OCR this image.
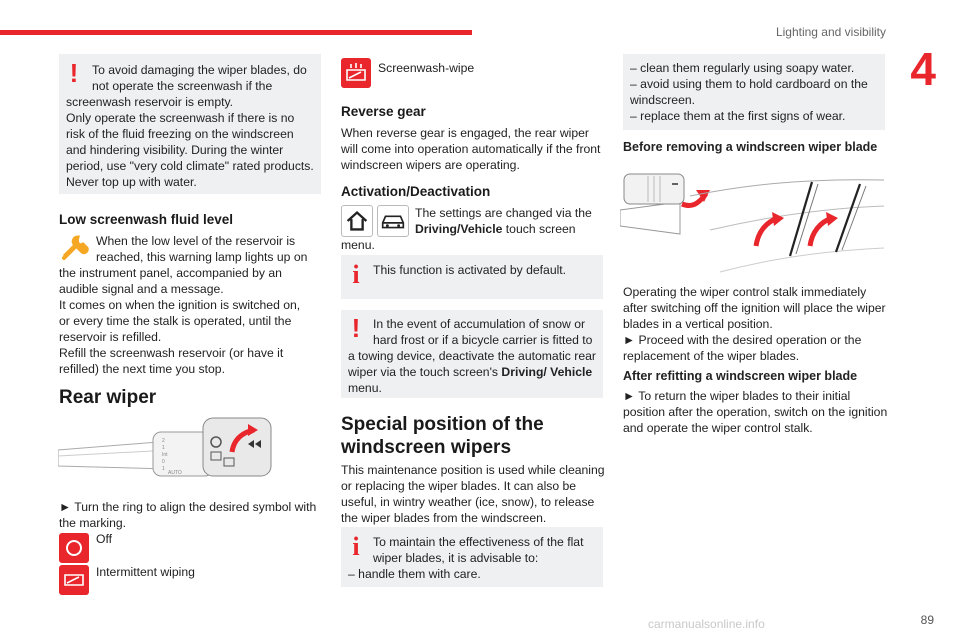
Lighting and visibility
4
!	To avoid damaging the wiper blades, do
not operate the screenwash if the
screenwash reservoir is empty.
Only operate the screenwash if there is no
risk of the fluid freezing on the windscreen
and hindering visibility. During the winter
period, use "very cold climate" rated products.
Never top up with water.
Low screenwash fluid level
When the low level of the reservoir is
reached, this warning lamp lights up on
the instrument panel, accompanied by an
audible signal and a message.
It comes on when the ignition is switched on,
or every time the stalk is operated, until the
reservoir is refilled.
Refill the screenwash reservoir (or have it
refilled) the next time you stop.
Rear wiper
2
1
Int
0
1
AUTO
► Turn the ring to align the desired symbol with
the marking.
Off
Intermittent wiping
Screenwash-wipe
Reverse gear
When reverse gear is engaged, the rear wiper
will come into operation automatically if the front
windscreen wipers are operating.
Activation/Deactivation
The settings are changed via the
Driving/Vehicle touch screen
menu.
i	This function is activated by default.
!	In the event of accumulation of snow or
hard frost or if a bicycle carrier is fitted to
a towing device, deactivate the automatic rear
wiper via the touch screen's Driving/ Vehicle
menu.
Special position of the
windscreen wipers
This maintenance position is used while cleaning
or replacing the wiper blades. It can also be
useful, in wintry weather (ice, snow), to release
the wiper blades from the windscreen.
i	To maintain the effectiveness of the flat
wiper blades, it is advisable to:
– handle them with care.
– clean them regularly using soapy water.
– avoid using them to hold cardboard on the
windscreen.
– replace them at the first signs of wear.
Before removing a windscreen wiper blade
Operating the wiper control stalk immediately
after switching off the ignition will place the wiper
blades in a vertical position.
► Proceed with the desired operation or the
replacement of the wiper blades.
After refitting a windscreen wiper blade
► To return the wiper blades to their initial
position after the operation, switch on the ignition
and operate the wiper control stalk.
carmanualsonline.info	89
